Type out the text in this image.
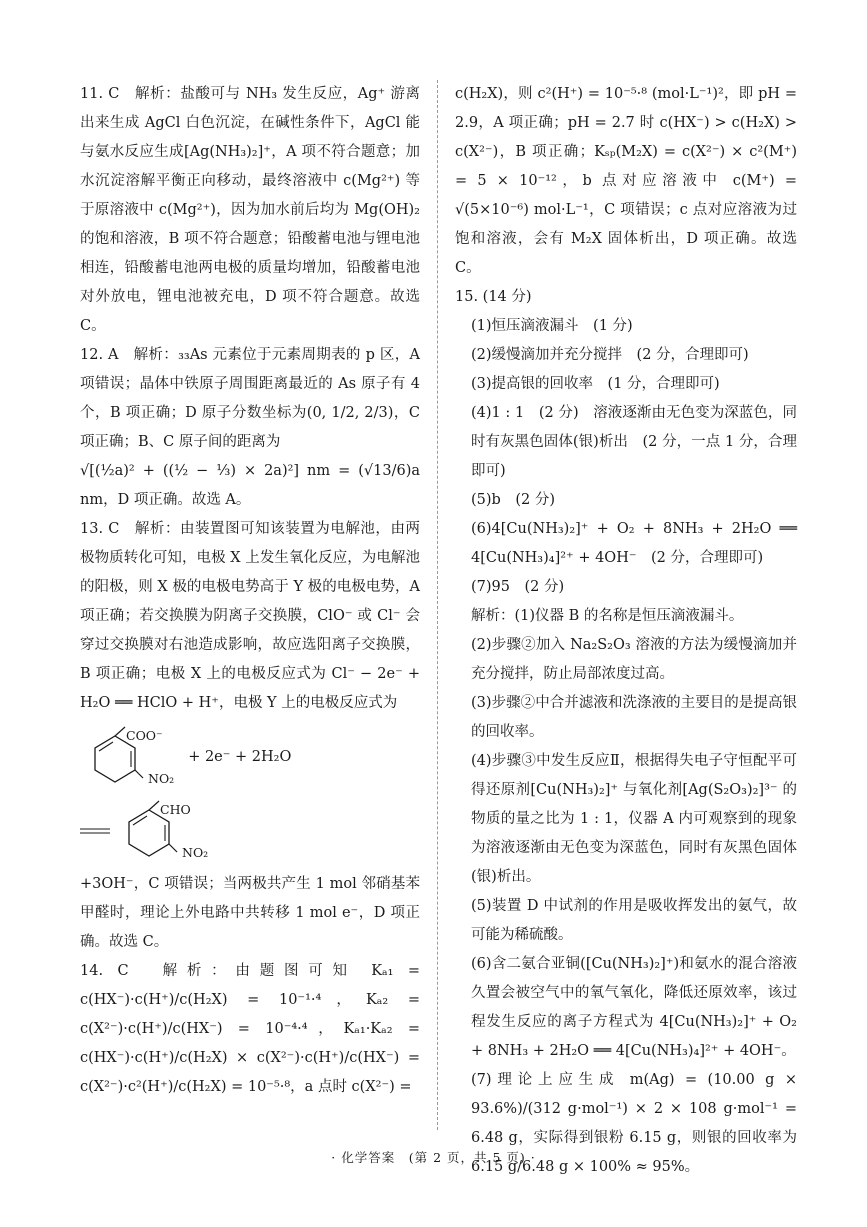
11. C　解析：盐酸可与 NH₃ 发生反应，Ag⁺ 游离出来生成 AgCl 白色沉淀，在碱性条件下，AgCl 能与氨水反应生成[Ag(NH₃)₂]⁺，A 项不符合题意；加水沉淀溶解平衡正向移动，最终溶液中 c(Mg²⁺) 等于原溶液中 c(Mg²⁺)，因为加水前后均为 Mg(OH)₂ 的饱和溶液，B 项不符合题意；铅酸蓄电池与锂电池相连，铅酸蓄电池两电极的质量均增加，铅酸蓄电池对外放电，锂电池被充电，D 项不符合题意。故选 C。

12. A　解析：₃₃As 元素位于元素周期表的 p 区，A 项错误；晶体中铁原子周围距离最近的 As 原子有 4 个，B 项正确；D 原子分数坐标为(0, 1/2, 2/3)，C 项正确；B、C 原子间的距离为

√[(½a)² + ((½ − ⅓) × 2a)²] nm = (√13/6)a nm，D 项正确。故选 A。

13. C　解析：由装置图可知该装置为电解池，由两极物质转化可知，电极 X 上发生氧化反应，为电解池的阳极，则 X 极的电极电势高于 Y 极的电极电势，A 项正确；若交换膜为阴离子交换膜，ClO⁻ 或 Cl⁻ 会穿过交换膜对右池造成影响，故应选阳离子交换膜，B 项正确；电极 X 上的电极反应式为 Cl⁻ − 2e⁻ + H₂O ══ HClO + H⁺，电极 Y 上的电极反应式为

COO⁻
NO₂
+ 2e⁻ + 2H₂O
CHO
NO₂

+3OH⁻，C 项错误；当两极共产生 1 mol 邻硝基苯甲醛时，理论上外电路中共转移 1 mol e⁻，D 项正确。故选 C。

14. C　解析：由题图可知 Kₐ₁ = c(HX⁻)·c(H⁺)/c(H₂X) = 10⁻¹·⁴，Kₐ₂ = c(X²⁻)·c(H⁺)/c(HX⁻) = 10⁻⁴·⁴，Kₐ₁·Kₐ₂ = c(HX⁻)·c(H⁺)/c(H₂X) × c(X²⁻)·c(H⁺)/c(HX⁻) = c(X²⁻)·c²(H⁺)/c(H₂X) = 10⁻⁵·⁸，a 点时 c(X²⁻) =

c(H₂X)，则 c²(H⁺) = 10⁻⁵·⁸ (mol·L⁻¹)²，即 pH = 2.9，A 项正确；pH = 2.7 时 c(HX⁻) > c(H₂X) > c(X²⁻)，B 项正确；Kₛₚ(M₂X) = c(X²⁻) × c²(M⁺) = 5 × 10⁻¹²，b 点对应溶液中 c(M⁺) = √(5×10⁻⁶) mol·L⁻¹，C 项错误；c 点对应溶液为过饱和溶液，会有 M₂X 固体析出，D 项正确。故选 C。

15. (14 分)

(1)恒压滴液漏斗　(1 分)

(2)缓慢滴加并充分搅拌　(2 分，合理即可)

(3)提高银的回收率　(1 分，合理即可)

(4)1 : 1　(2 分)　溶液逐渐由无色变为深蓝色，同时有灰黑色固体(银)析出　(2 分，一点 1 分，合理即可)

(5)b　(2 分)

(6)4[Cu(NH₃)₂]⁺ + O₂ + 8NH₃ + 2H₂O ══ 4[Cu(NH₃)₄]²⁺ + 4OH⁻　(2 分，合理即可)

(7)95　(2 分)

解析：(1)仪器 B 的名称是恒压滴液漏斗。

(2)步骤②加入 Na₂S₂O₃ 溶液的方法为缓慢滴加并充分搅拌，防止局部浓度过高。

(3)步骤②中合并滤液和洗涤液的主要目的是提高银的回收率。

(4)步骤③中发生反应Ⅱ，根据得失电子守恒配平可得还原剂[Cu(NH₃)₂]⁺ 与氧化剂[Ag(S₂O₃)₂]³⁻ 的物质的量之比为 1 : 1，仪器 A 内可观察到的现象为溶液逐渐由无色变为深蓝色，同时有灰黑色固体(银)析出。

(5)装置 D 中试剂的作用是吸收挥发出的氨气，故可能为稀硫酸。

(6)含二氨合亚铜([Cu(NH₃)₂]⁺)和氨水的混合溶液久置会被空气中的氧气氧化，降低还原效率，该过程发生反应的离子方程式为 4[Cu(NH₃)₂]⁺ + O₂ + 8NH₃ + 2H₂O ══ 4[Cu(NH₃)₄]²⁺ + 4OH⁻。

(7)理论上应生成 m(Ag) = (10.00 g × 93.6%)/(312 g·mol⁻¹) × 2 × 108 g·mol⁻¹ = 6.48 g，实际得到银粉 6.15 g，则银的回收率为 6.15 g/6.48 g × 100% ≈ 95%。

· 化学答案　(第 2 页，共 5 页) ·
